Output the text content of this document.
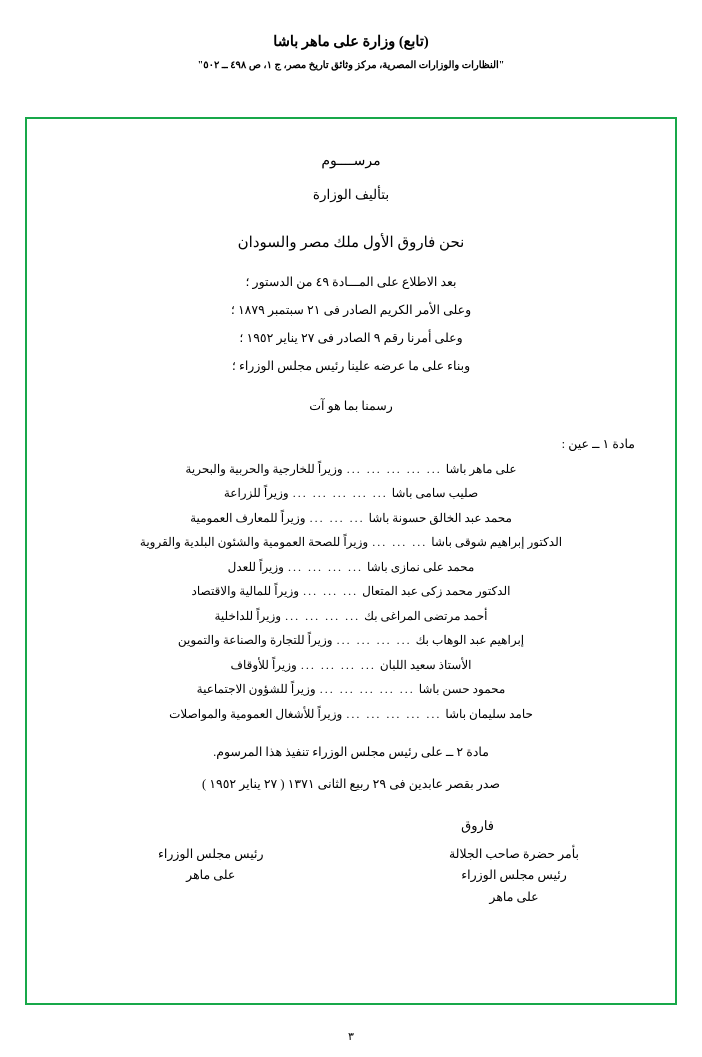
(تابع) وزارة على ماهر باشا
"النظارات والوزارات المصرية، مركز وثائق تاريخ مصر، ج ١، ص ٤٩٨ ــ ٥٠٢"
مرســــوم
بتأليف الوزارة
نحن فاروق الأول ملك مصر والسودان
بعد الاطلاع على المـــادة ٤٩ من الدستور ؛
وعلى الأمر الكريم الصادر فى ٢١ سبتمبر ١٨٧٩ ؛
وعلى أمرنا رقم ٩ الصادر فى ٢٧ يناير ١٩٥٢ ؛
وبناء على ما عرضه علينا رئيس مجلس الوزراء ؛
رسمنا بما هو آت
مادة ١ ــ عين :
على ماهر باشا
... ... ... ... ...
وزيراً للخارجية والحربية والبحرية
صليب سامى باشا
... ... ... ... ...
وزيراً للزراعة
محمد عبد الخالق حسونة باشا
... ... ...
وزيراً للمعارف العمومية
الدكتور إبراهيم شوقى باشا
... ... ...
وزيراً للصحة العمومية والشئون البلدية والقروية
محمد على نمازى باشا
... ... ... ...
وزيراً للعدل
الدكتور محمد زكى عبد المتعال
... ... ...
وزيراً للمالية والاقتصاد
أحمد مرتضى المراغى بك
... ... ... ...
وزيراً للداخلية
إبراهيم عبد الوهاب بك
... ... ... ...
وزيراً للتجارة والصناعة والتموين
الأستاذ سعيد اللبان
... ... ... ...
وزيراً للأوقاف
محمود حسن باشا
... ... ... ... ...
وزيراً للشؤون الاجتماعية
حامد سليمان باشا
... ... ... ... ...
وزيراً للأشغال العمومية والمواصلات
مادة ٢ ــ على رئيس مجلس الوزراء تنفيذ هذا المرسوم.
صدر بقصر عابدين فى ٢٩ ربيع الثانى ١٣٧١ ( ٢٧ يناير ١٩٥٢ )
فاروق
بأمر حضرة صاحب الجلالة
رئيس مجلس الوزراء
على ماهر
رئيس مجلس الوزراء
على ماهر
٣
